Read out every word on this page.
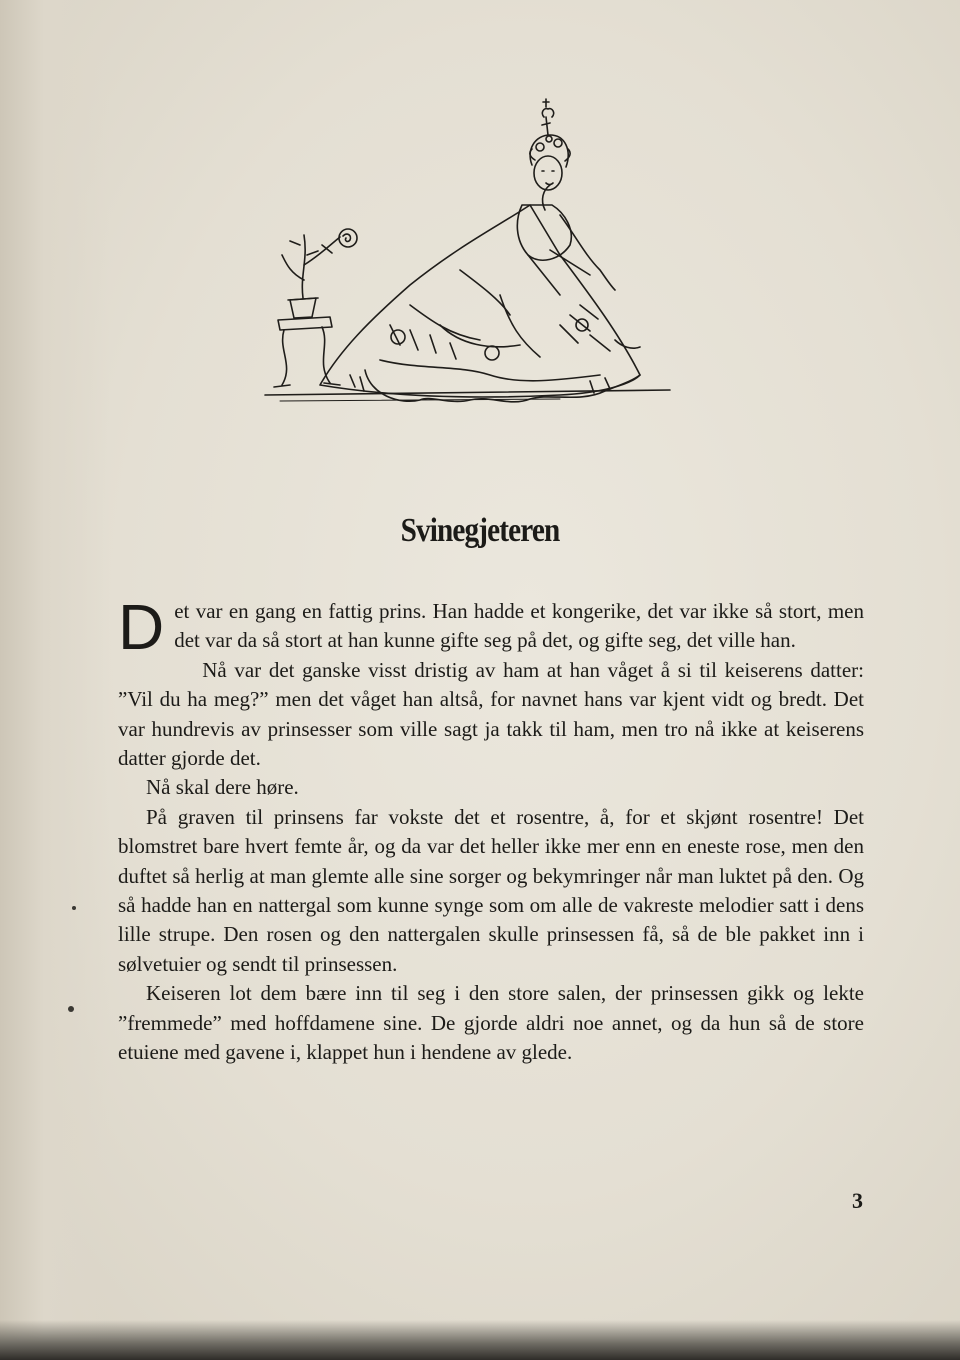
Svinegjeteren

Det var en gang en fattig prins. Han hadde et kongerike, det var ikke så stort, men det var da så stort at han kunne gifte seg på det, og gifte seg, det ville han.

Nå var det ganske visst dristig av ham at han våget å si til keiserens datter: ”Vil du ha meg?” men det våget han altså, for navnet hans var kjent vidt og bredt. Det var hundrevis av prinsesser som ville sagt ja takk til ham, men tro nå ikke at keiserens datter gjorde det.

Nå skal dere høre.

På graven til prinsens far vokste det et rosentre, å, for et skjønt rosentre! Det blomstret bare hvert femte år, og da var det heller ikke mer enn en eneste rose, men den duftet så herlig at man glemte alle sine sorger og bekymringer når man luktet på den. Og så hadde han en nattergal som kunne synge som om alle de vakreste melodier satt i dens lille strupe. Den rosen og den nattergalen skulle prinsessen få, så de ble pakket inn i sølvetuier og sendt til prinsessen.

Keiseren lot dem bære inn til seg i den store salen, der prinsessen gikk og lekte ”fremmede” med hoffdamene sine. De gjorde aldri noe annet, og da hun så de store etuiene med gavene i, klappet hun i hendene av glede.

3
